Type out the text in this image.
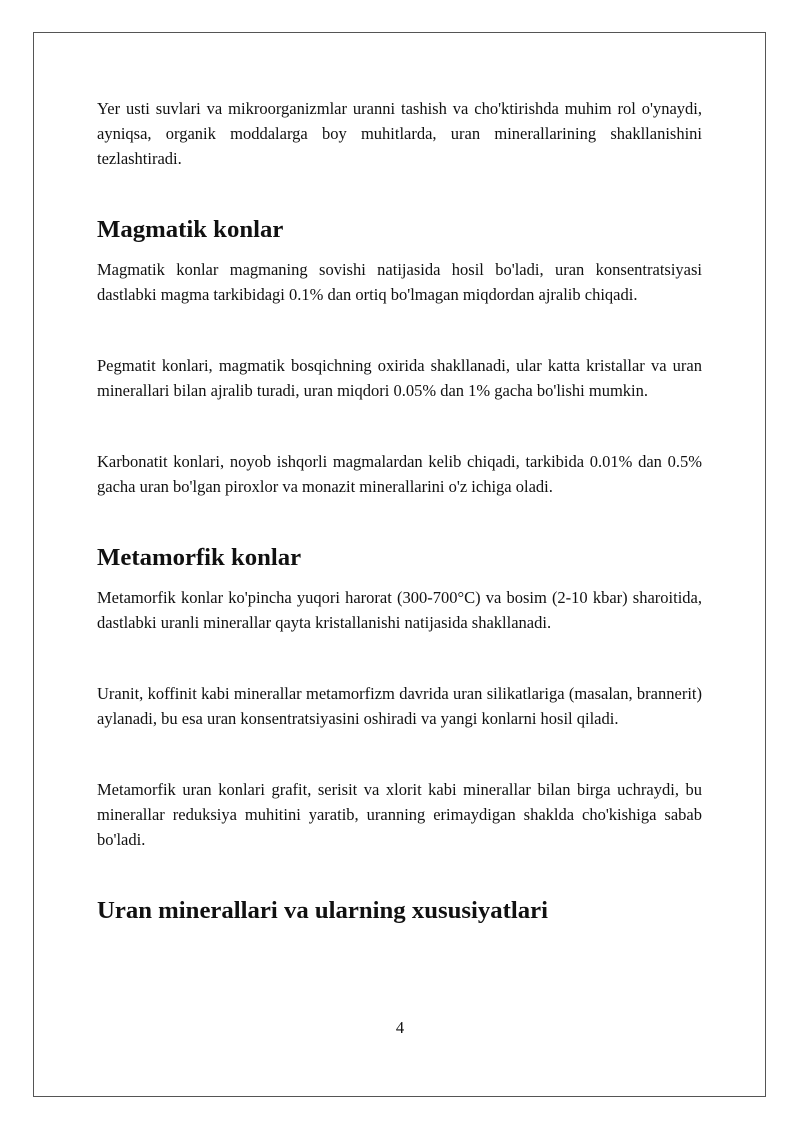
Yer usti suvlari va mikroorganizmlar uranni tashish va cho'ktirishda muhim rol o'ynaydi, ayniqsa, organik moddalarga boy muhitlarda, uran minerallarining shakllanishini tezlashtiradi.

Magmatik konlar

Magmatik konlar magmaning sovishi natijasida hosil bo'ladi, uran konsentratsiyasi dastlabki magma tarkibidagi 0.1% dan ortiq bo'lmagan miqdordan ajralib chiqadi.

Pegmatit konlari, magmatik bosqichning oxirida shakllanadi, ular katta kristallar va uran minerallari bilan ajralib turadi, uran miqdori 0.05% dan 1% gacha bo'lishi mumkin.

Karbonatit konlari, noyob ishqorli magmalardan kelib chiqadi, tarkibida 0.01% dan 0.5% gacha uran bo'lgan piroxlor va monazit minerallarini o'z ichiga oladi.

Metamorfik konlar

Metamorfik konlar ko'pincha yuqori harorat (300-700°C) va bosim (2-10 kbar) sharoitida, dastlabki uranli minerallar qayta kristallanishi natijasida shakllanadi.

Uranit, koffinit kabi minerallar metamorfizm davrida uran silikatlariga (masalan, brannerit) aylanadi, bu esa uran konsentratsiyasini oshiradi va yangi konlarni hosil qiladi.

Metamorfik uran konlari grafit, serisit va xlorit kabi minerallar bilan birga uchraydi, bu minerallar reduksiya muhitini yaratib, uranning erimaydigan shaklda cho'kishiga sabab bo'ladi.

Uran minerallari va ularning xususiyatlari
4
